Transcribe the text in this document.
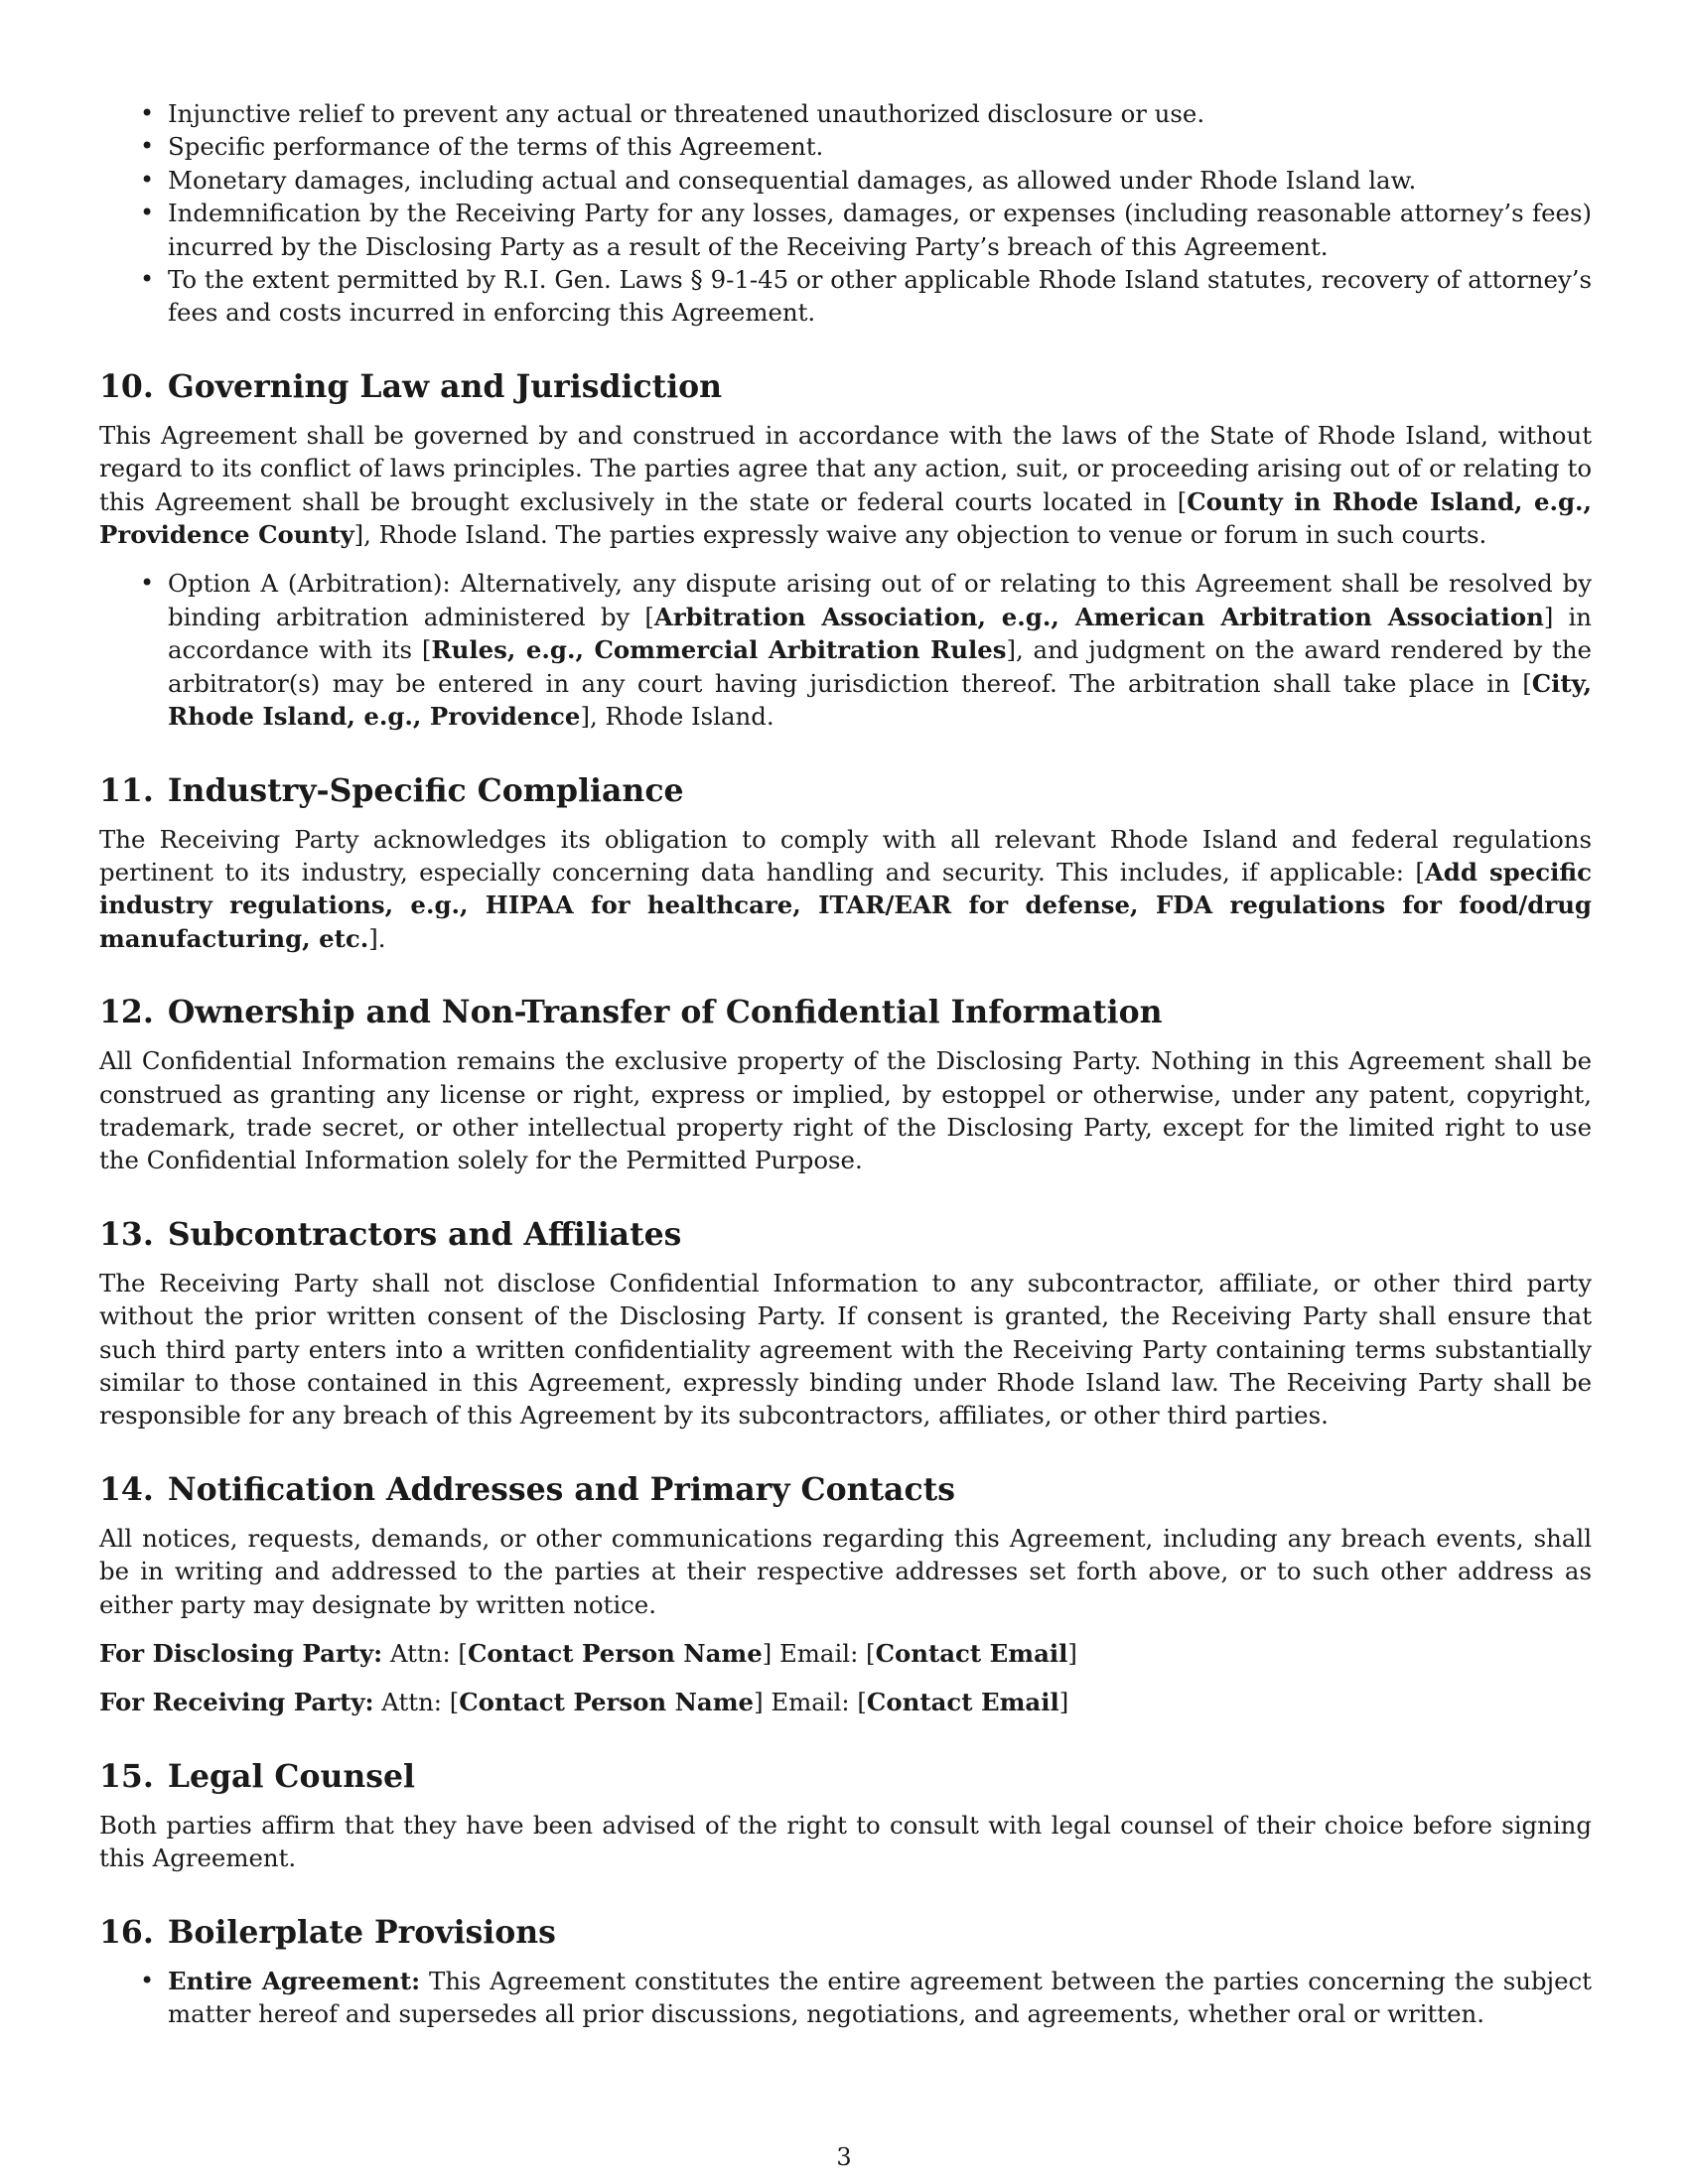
• Injunctive relief to prevent any actual or threatened unauthorized disclosure or use.
• Specific performance of the terms of this Agreement.
• Monetary damages, including actual and consequential damages, as allowed under Rhode Island law.
• Indemnification by the Receiving Party for any losses, damages, or expenses (including reasonable attorney’s fees) incurred by the Disclosing Party as a result of the Receiving Party’s breach of this Agreement.
• To the extent permitted by R.I. Gen. Laws § 9-1-45 or other applicable Rhode Island statutes, recovery of attorney’s fees and costs incurred in enforcing this Agreement.
10. Governing Law and Jurisdiction

This Agreement shall be governed by and construed in accordance with the laws of the State of Rhode Island, without regard to its conflict of laws principles. The parties agree that any action, suit, or proceeding arising out of or relating to this Agreement shall be brought exclusively in the state or federal courts located in [County in Rhode Island, e.g., Providence County], Rhode Island. The parties expressly waive any objection to venue or forum in such courts.

• Option A (Arbitration): Alternatively, any dispute arising out of or relating to this Agreement shall be resolved by binding arbitration administered by [Arbitration Association, e.g., American Arbitration Association] in accordance with its [Rules, e.g., Commercial Arbitration Rules], and judgment on the award rendered by the arbitrator(s) may be entered in any court having jurisdiction thereof. The arbitration shall take place in [City, Rhode Island, e.g., Providence], Rhode Island.
11. Industry-Specific Compliance

The Receiving Party acknowledges its obligation to comply with all relevant Rhode Island and federal regulations pertinent to its industry, especially concerning data handling and security. This includes, if applicable: [Add specific industry regulations, e.g., HIPAA for healthcare, ITAR/EAR for defense, FDA regulations for food/drug manufacturing, etc.].

12. Ownership and Non-Transfer of Confidential Information

All Confidential Information remains the exclusive property of the Disclosing Party. Nothing in this Agreement shall be construed as granting any license or right, express or implied, by estoppel or otherwise, under any patent, copyright, trademark, trade secret, or other intellectual property right of the Disclosing Party, except for the limited right to use the Confidential Information solely for the Permitted Purpose.

13. Subcontractors and Affiliates

The Receiving Party shall not disclose Confidential Information to any subcontractor, affiliate, or other third party without the prior written consent of the Disclosing Party. If consent is granted, the Receiving Party shall ensure that such third party enters into a written confidentiality agreement with the Receiving Party containing terms substantially similar to those contained in this Agreement, expressly binding under Rhode Island law. The Receiving Party shall be responsible for any breach of this Agreement by its subcontractors, affiliates, or other third parties.

14. Notification Addresses and Primary Contacts

All notices, requests, demands, or other communications regarding this Agreement, including any breach events, shall be in writing and addressed to the parties at their respective addresses set forth above, or to such other address as either party may designate by written notice.

For Disclosing Party: Attn: [Contact Person Name] Email: [Contact Email]

For Receiving Party: Attn: [Contact Person Name] Email: [Contact Email]

15. Legal Counsel

Both parties affirm that they have been advised of the right to consult with legal counsel of their choice before signing this Agreement.

16. Boilerplate Provisions
• Entire Agreement: This Agreement constitutes the entire agreement between the parties concerning the subject matter hereof and supersedes all prior discussions, negotiations, and agreements, whether oral or written.
3
